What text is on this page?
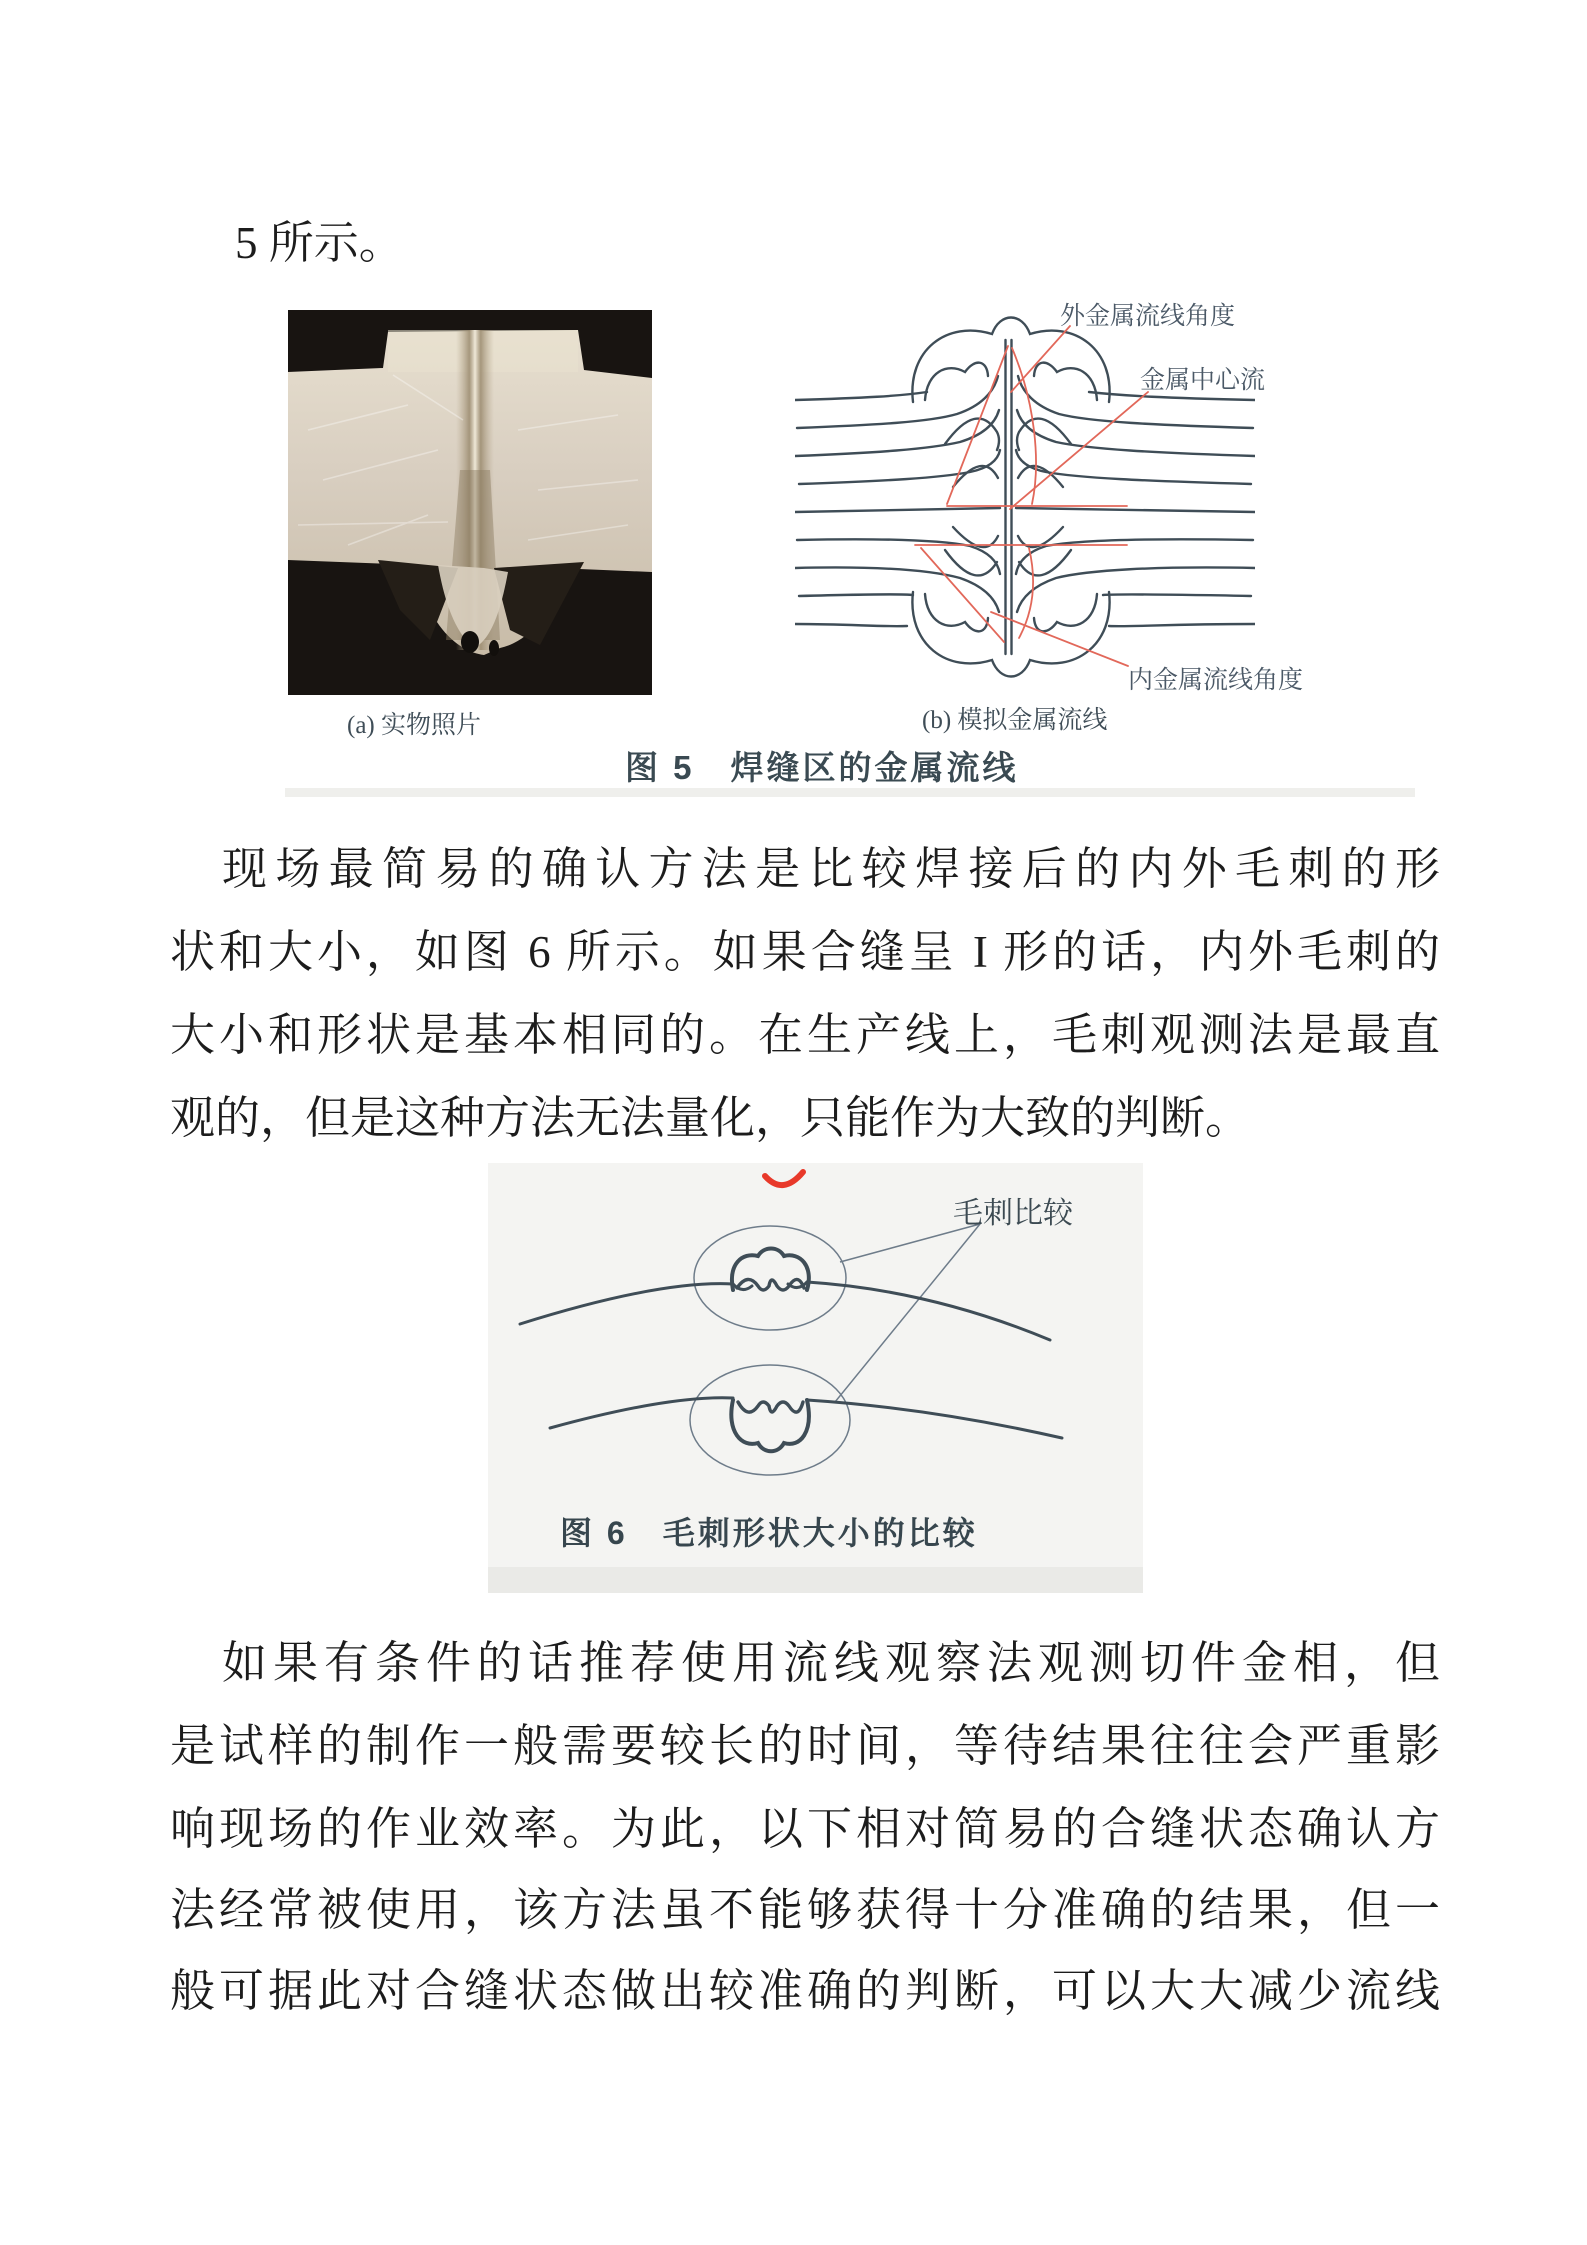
5 所示。
外金属流线角度
金属中心流
内金属流线角度
(a) 实物照片	(b) 模拟金属流线
图 5　焊缝区的金属流线
现场最简易的确认方法是比较焊接后的内外毛刺的形
状和大小，如图 6 所示。如果合缝呈 I 形的话，内外毛刺的
大小和形状是基本相同的。在生产线上，毛刺观测法是最直
观的，但是这种方法无法量化，只能作为大致的判断。
毛刺比较
图 6　毛刺形状大小的比较
如果有条件的话推荐使用流线观察法观测切件金相，但
是试样的制作一般需要较长的时间，等待结果往往会严重影
响现场的作业效率。为此，以下相对简易的合缝状态确认方
法经常被使用，该方法虽不能够获得十分准确的结果，但一
般可据此对合缝状态做出较准确的判断，可以大大减少流线
